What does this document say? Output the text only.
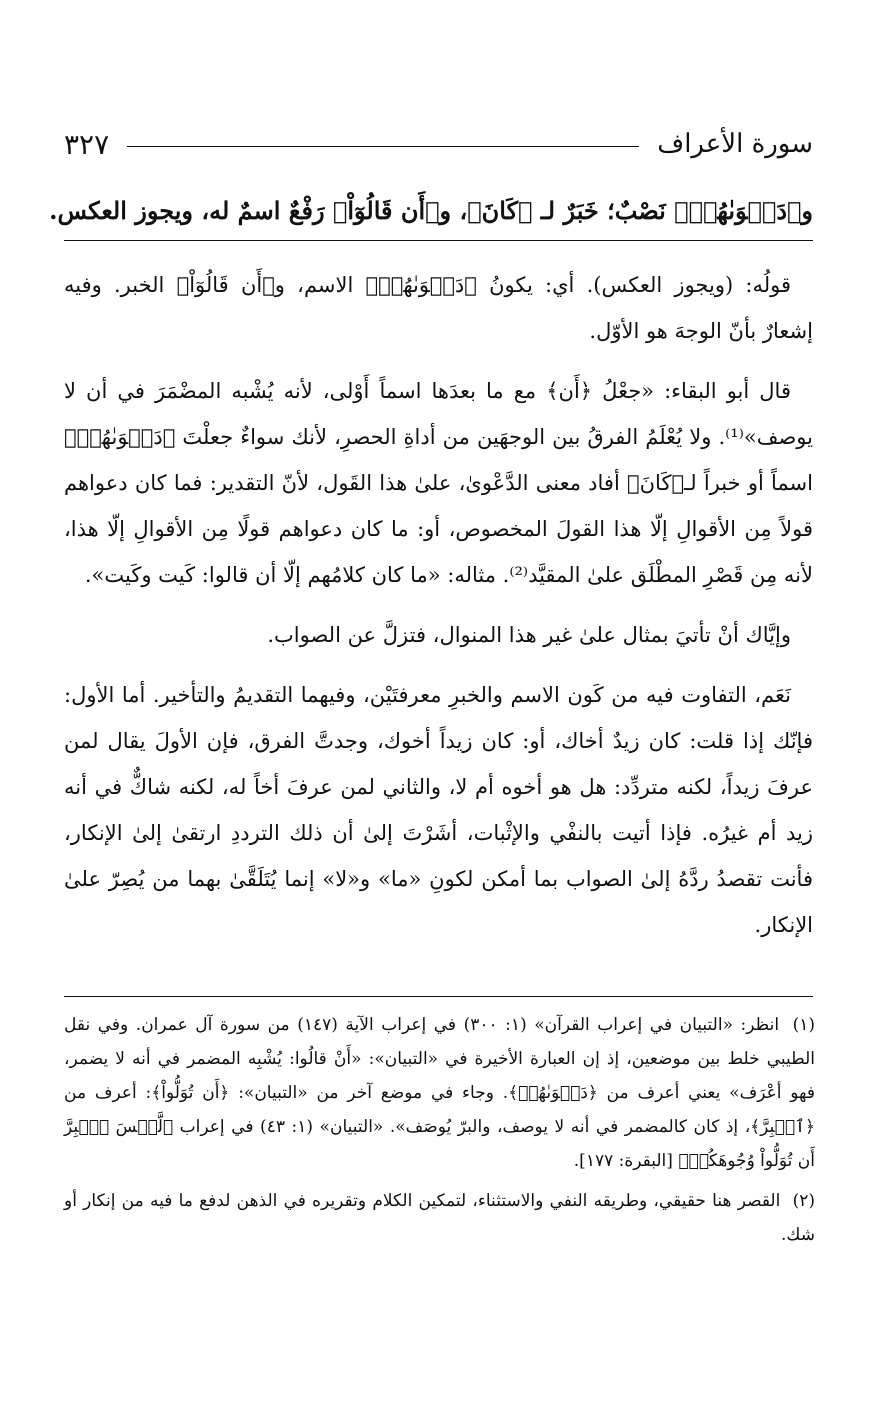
سورة الأعراف
٣٢٧
و﴿دَعۡوَىٰهُمۡ﴾ نَصْبٌ؛ خَبَرٌ لـ ﴿كَانَ﴾، و﴿أَن قَالُوٓاْ﴾ رَفْعٌ اسمٌ له، ويجوز العكس.

قولُه: (ويجوز العكس). أي: يكونُ ﴿دَعۡوَىٰهُمۡ﴾ الاسم، و﴿أَن قَالُوٓاْ﴾ الخبر. وفيه إشعارٌ بأنّ الوجهَ هو الأوّل.

قال أبو البقاء: «جعْلُ ﴿أَن﴾ مع ما بعدَها اسماً أَوْلى، لأنه يُشْبه المضْمَرَ في أن لا يوصف»⁽¹⁾. ولا يُعْلَمُ الفرقُ بين الوجهَين من أداةِ الحصرِ، لأنك سواءٌ جعلْتَ ﴿دَعۡوَىٰهُمۡ﴾ اسماً أو خبراً لـ﴿كَانَ﴾ أفاد معنى الدَّعْوىٰ، علىٰ هذا القَول، لأنّ التقدير: فما كان دعواهم قولاً مِن الأقوالِ إلّا هذا القولَ المخصوص، أو: ما كان دعواهم قولًا مِن الأقوالِ إلّا هذا، لأنه مِن قَصْرِ المطْلَق علىٰ المقيَّد⁽²⁾. مثاله: «ما كان كلامُهم إلّا أن قالوا: كَيت وكَيت».

وإيَّاك أنْ تأتيَ بمثال علىٰ غير هذا المنوال، فتزلَّ عن الصواب.

نَعَم، التفاوت فيه من كَون الاسم والخبرِ معرفتَيْن، وفيهما التقديمُ والتأخير. أما الأول: فإنّك إذا قلت: كان زيدٌ أخاك، أو: كان زيداً أخوك، وجدتَّ الفرق، فإن الأولَ يقال لمن عرفَ زيداً، لكنه متردِّد: هل هو أخوه أم لا، والثاني لمن عرفَ أخاً له، لكنه شاكٌّ في أنه زيد أم غيرُه. فإذا أتيت بالنفْي والإثْبات، أشَرْتَ إلىٰ أن ذلك الترددِ ارتقىٰ إلىٰ الإنكار، فأنت تقصدُ ردَّهُ إلىٰ الصواب بما أمكن لكونِ «ما» و«لا» إنما يُتَلَقَّىٰ بهما من يُصِرّ علىٰ الإنكار.

(١) انظر: «التبيان في إعراب القرآن» (١: ٣٠٠) في إعراب الآية (١٤٧) من سورة آل عمران. وفي نقل الطيبي خلط بين موضعين، إذ إن العبارة الأخيرة في «التبيان»: «أَنْ قالُوا: يُشْبِه المضمر في أنه لا يضمر، فهو أعْرَف» يعني أعرف من ﴿دَعۡوَىٰهُمۡ﴾. وجاء في موضع آخر من «التبيان»: ﴿أَن تُوَلُّواْ﴾: أعرف من ﴿ٱلۡبِرَّ﴾، إذ كان كالمضمر في أنه لا يوصف، والبرّ يُوصَف». «التبيان» (١: ٤٣) في إعراب ﴿لَّيۡسَ ٱلۡبِرَّ أَن تُوَلُّواْ وُجُوهَكُمۡ﴾ [البقرة: ١٧٧].

(٢) القصر هنا حقيقي، وطريقه النفي والاستثناء، لتمكين الكلام وتقريره في الذهن لدفع ما فيه من إنكار أو شك.
